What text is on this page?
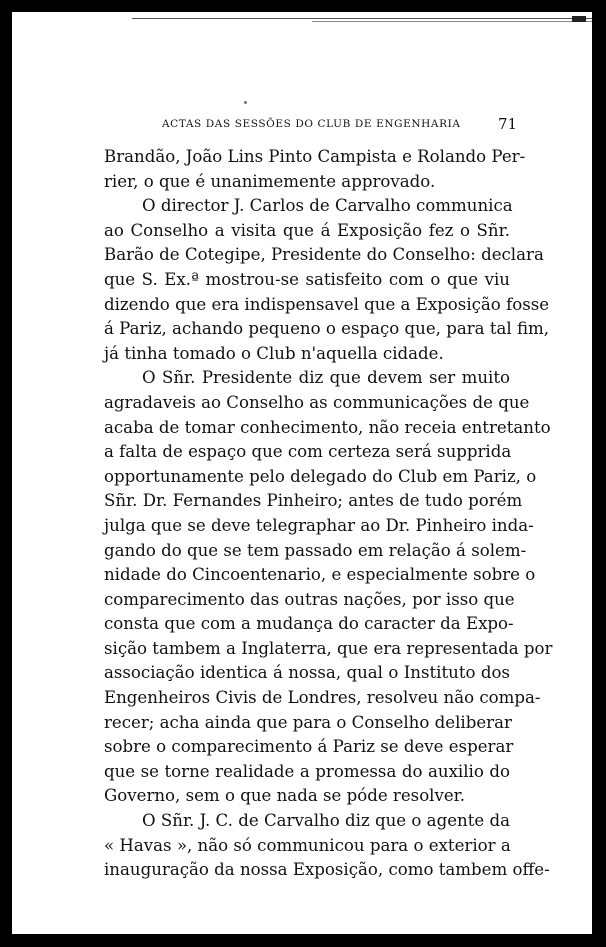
ACTAS DAS SESSÕES DO CLUB DE ENGENHARIA 71
Brandão, João Lins Pinto Campista e Rolando Per-
rier, o que é unanimemente approvado.
O director J. Carlos de Carvalho communica
ao Conselho a visita que á Exposição fez o Sñr.
Barão de Cotegipe, Presidente do Conselho: declara
que S. Ex.ª mostrou-se satisfeito com o que viu
dizendo que era indispensavel que a Exposição fosse
á Pariz, achando pequeno o espaço que, para tal fim,
já tinha tomado o Club n'aquella cidade.
O Sñr. Presidente diz que devem ser muito
agradaveis ao Conselho as communicações de que
acaba de tomar conhecimento, não receia entretanto
a falta de espaço que com certeza será supprida
opportunamente pelo delegado do Club em Pariz, o
Sñr. Dr. Fernandes Pinheiro; antes de tudo porém
julga que se deve telegraphar ao Dr. Pinheiro inda-
gando do que se tem passado em relação á solem-
nidade do Cincoentenario, e especialmente sobre o
comparecimento das outras nações, por isso que
consta que com a mudança do caracter da Expo-
sição tambem a Inglaterra, que era representada por
associação identica á nossa, qual o Instituto dos
Engenheiros Civis de Londres, resolveu não compa-
recer; acha ainda que para o Conselho deliberar
sobre o comparecimento á Pariz se deve esperar
que se torne realidade a promessa do auxilio do
Governo, sem o que nada se póde resolver.
O Sñr. J. C. de Carvalho diz que o agente da
« Havas », não só communicou para o exterior a
inauguração da nossa Exposição, como tambem offe-
